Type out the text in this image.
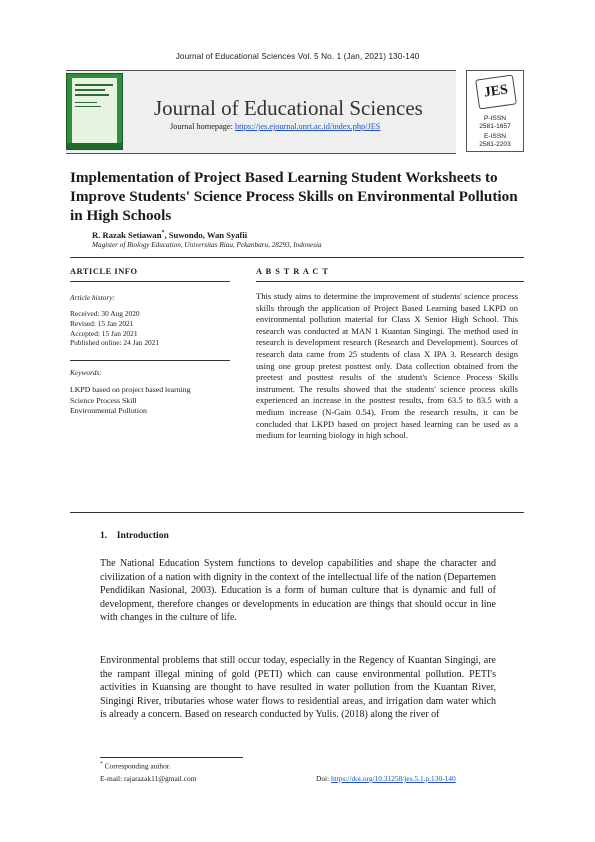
Journal of Educational Sciences Vol. 5 No. 1 (Jan, 2021) 130-140
Journal of Educational Sciences
Journal homepage: https://jes.ejournal.unri.ac.id/index.php/JES
JES
P-ISSN
2581-1657
E-ISSN
2581-2203
Implementation of Project Based Learning Student Worksheets to Improve Students' Science Process Skills on Environmental Pollution in High Schools
R. Razak Setiawan*, Suwondo, Wan Syafii
Magister of Biology Education, Universitas Riau, Pekanbaru, 28293, Indonesia
ARTICLE INFO	A B S T R A C T
Article history:
Received: 30 Aug 2020
Revised: 15 Jan 2021
Accepted: 15 Jan 2021
Published online: 24 Jan 2021
Keywords:
LKPD based on project based learning
Science Process Skill
Environmental Pollution
This study aims to determine the improvement of students' science process skills through the application of Project Based Learning based LKPD on environmental pollution material for Class X Senior High School. This research was conducted at MAN 1 Kuantan Singingi. The method used in research is development research (Research and Development). Sources of research data came from 25 students of class X IPA 3. Research design using one group pretest posttest only. Data collection obtained from the preetest and posttest results of the student's Science Process Skills instrument. The results showed that the students' science process skills experienced an increase in the posttest results, from 63.5 to 83.5 with a medium increase (N-Gain 0.54). From the research results, it can be concluded that LKPD based on project based learning can be used as a medium for learning biology in high school.
1.    Introduction
The National Education System functions to develop capabilities and shape the character and civilization of a nation with dignity in the context of the intellectual life of the nation (Departemen Pendidikan Nasional, 2003). Education is a form of human culture that is dynamic and full of development, therefore changes or developments in education are things that should occur in line with changes in the culture of life.
Environmental problems that still occur today, especially in the Regency of Kuantan Singingi, are the rampant illegal mining of gold (PETI) which can cause environmental pollution. PETI's activities in Kuansing are thought to have resulted in water pollution from the Kuantan River, Singingi River, tributaries whose water flows to residential areas, and irrigation dam water which is already a concern. Based on research conducted by Yulis. (2018) along the river of
* Corresponding author.
E-mail: rajarazak11@gmail.com	Doi: https://doi.org/10.31258/jes.5.1.p.130-140
